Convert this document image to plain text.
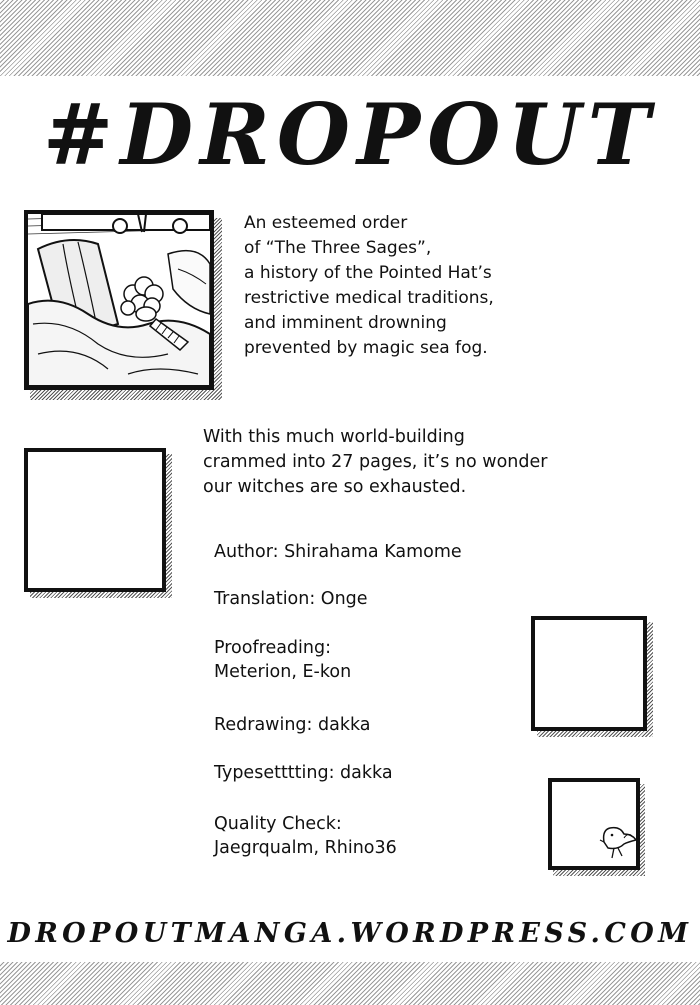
#DROPOUT
An esteemed order
of “The Three Sages”,
a history of the Pointed Hat’s
restrictive medical traditions,
and imminent drowning
prevented by magic sea fog.
With this much world-building
crammed into 27 pages, it’s no wonder
our witches are so exhausted.
Author: Shirahama Kamome
Translation: Onge
Proofreading:
Meterion, E-kon
Redrawing: dakka
Typesetttting: dakka
Quality Check:
Jaegrqualm, Rhino36
DROPOUTMANGA.WORDPRESS.COM
